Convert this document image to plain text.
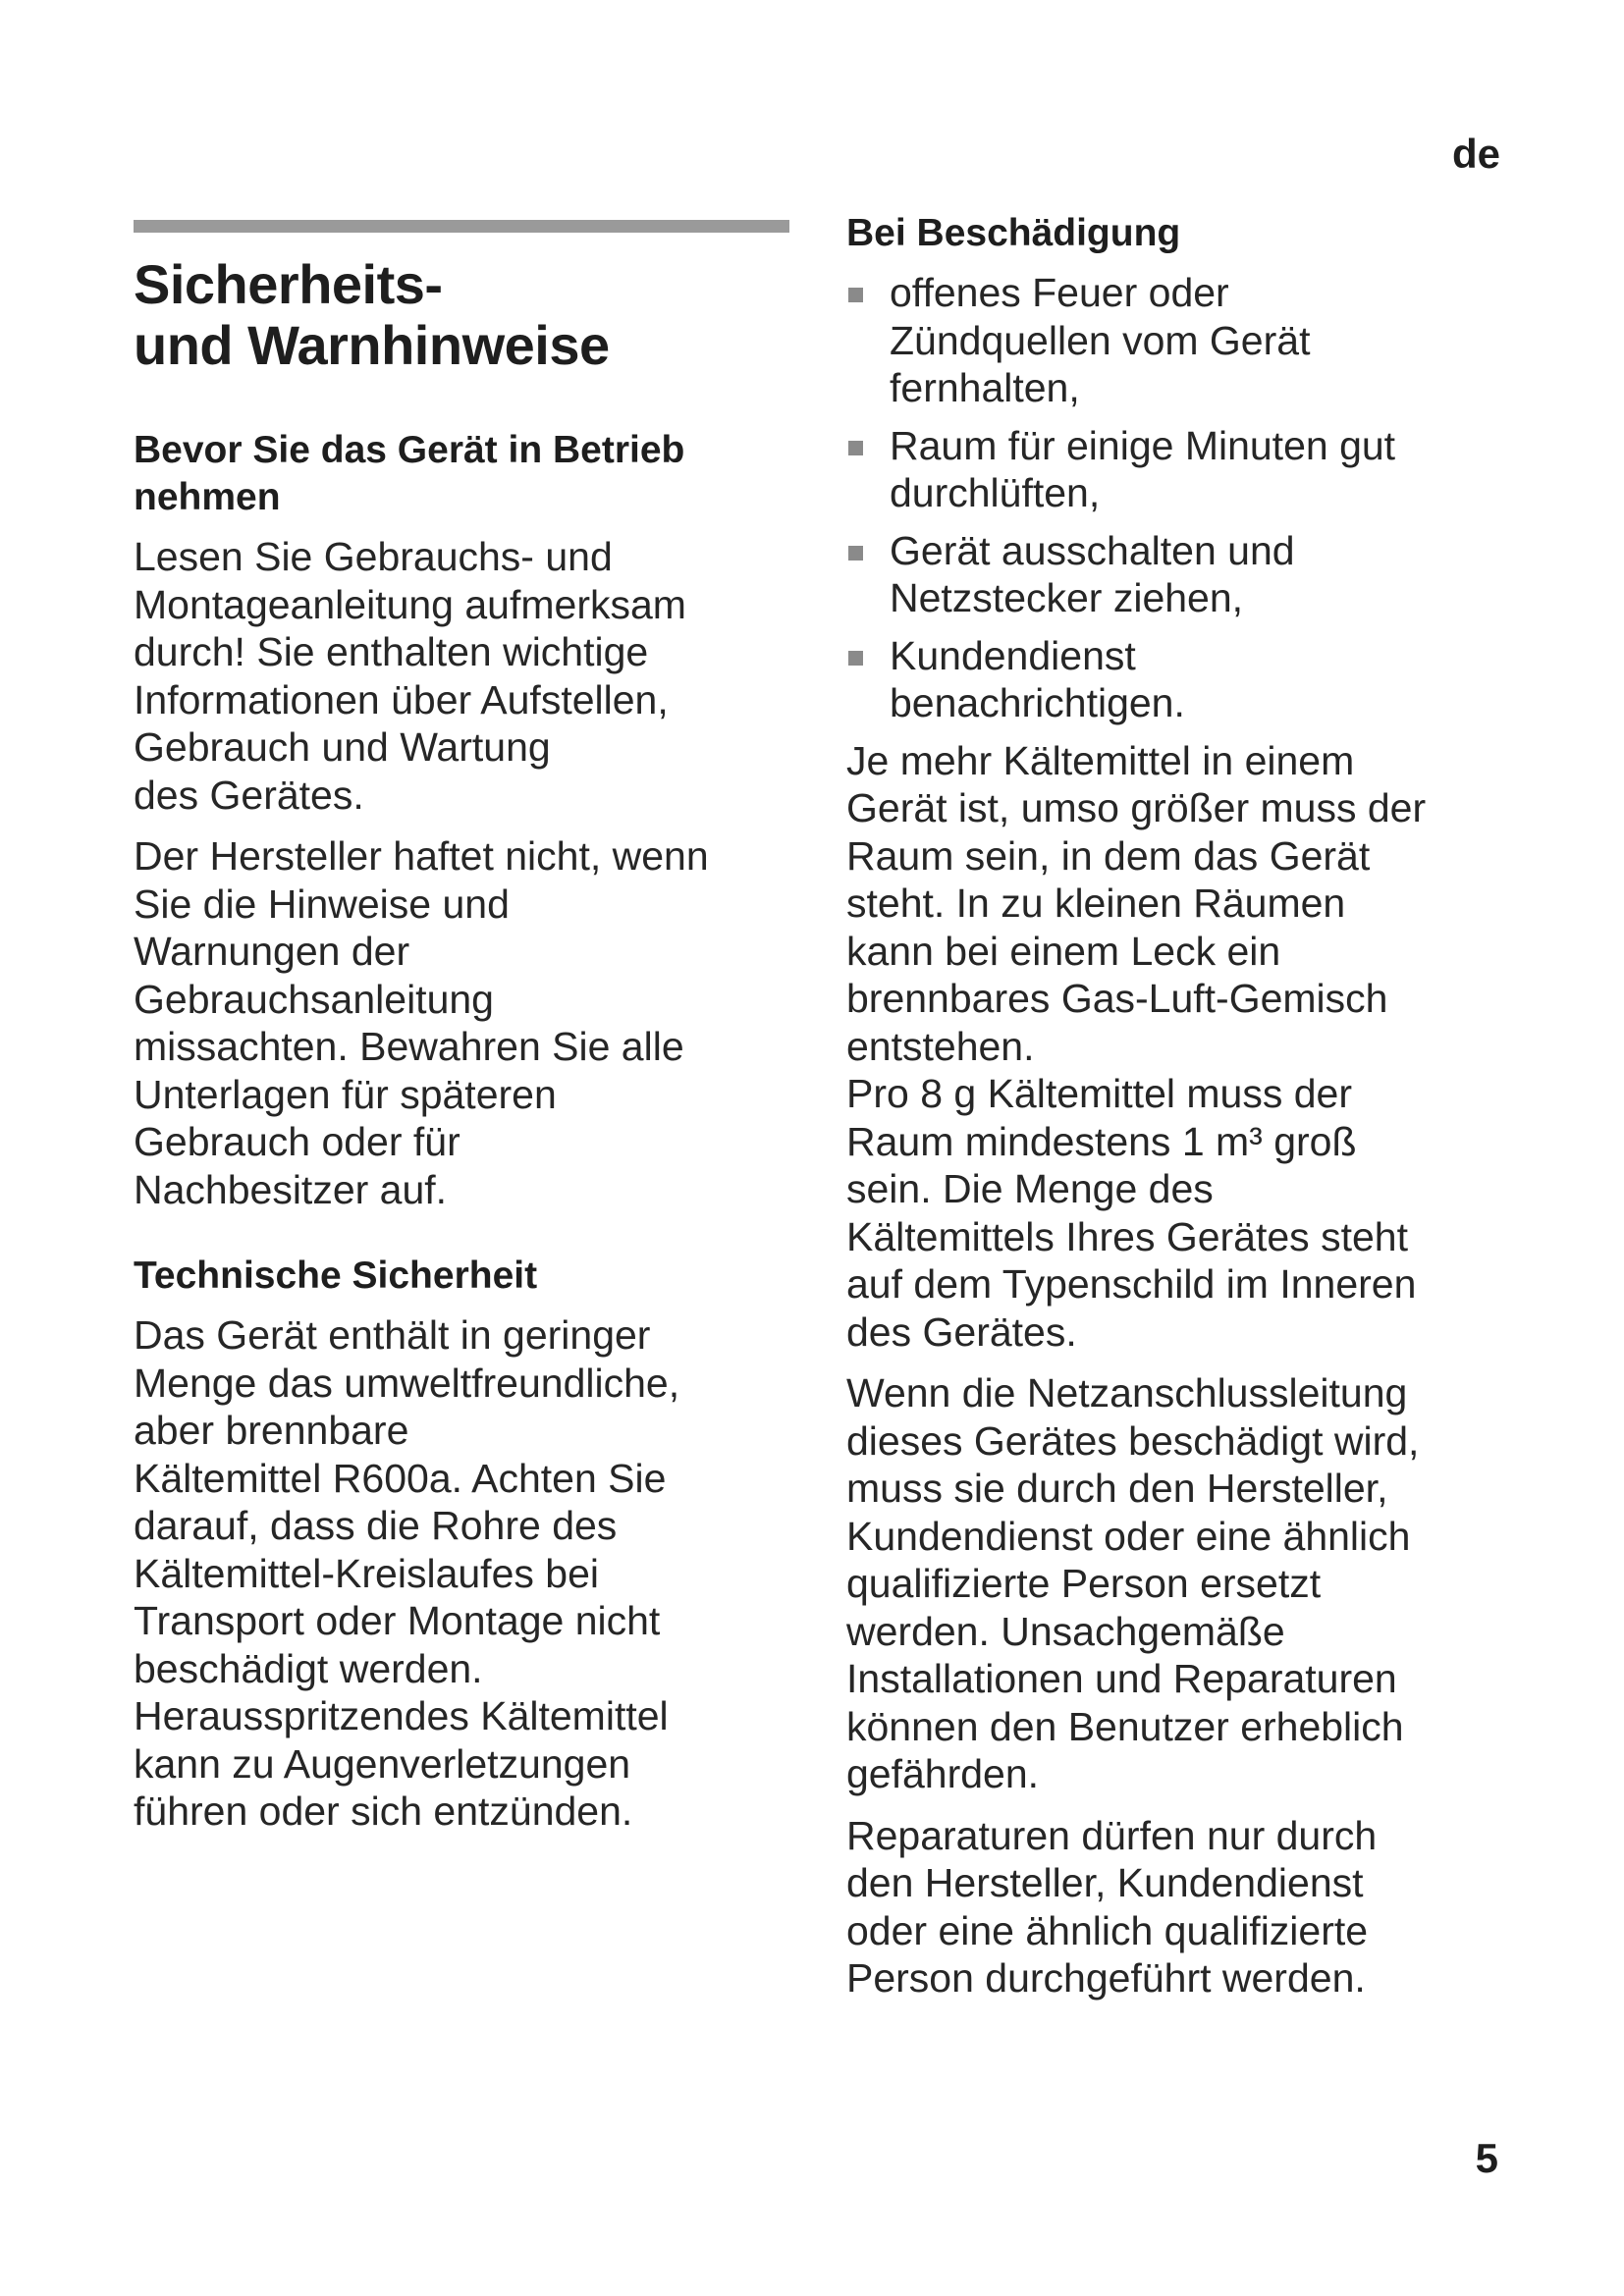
de
Sicherheits-
und Warnhinweise
Bevor Sie das Gerät in Betrieb
nehmen

Lesen Sie Gebrauchs- und
Montageanleitung aufmerksam
durch! Sie enthalten wichtige
Informationen über Aufstellen,
Gebrauch und Wartung
des Gerätes.

Der Hersteller haftet nicht, wenn
Sie die Hinweise und
Warnungen der
Gebrauchsanleitung
missachten. Bewahren Sie alle
Unterlagen für späteren
Gebrauch oder für
Nachbesitzer auf.

Technische Sicherheit

Das Gerät enthält in geringer
Menge das umweltfreundliche,
aber brennbare
Kältemittel R600a. Achten Sie
darauf, dass die Rohre des
Kältemittel-Kreislaufes bei
Transport oder Montage nicht
beschädigt werden.
Herausspritzendes Kältemittel
kann zu Augenverletzungen
führen oder sich entzünden.

Bei Beschädigung
offenes Feuer oder
Zündquellen vom Gerät
fernhalten,
Raum für einige Minuten gut
durchlüften,
Gerät ausschalten und
Netzstecker ziehen,
Kundendienst
benachrichtigen.

Je mehr Kältemittel in einem
Gerät ist, umso größer muss der
Raum sein, in dem das Gerät
steht. In zu kleinen Räumen
kann bei einem Leck ein
brennbares Gas-Luft-Gemisch
entstehen.
Pro 8 g Kältemittel muss der
Raum mindestens 1 m³ groß
sein. Die Menge des
Kältemittels Ihres Gerätes steht
auf dem Typenschild im Inneren
des Gerätes.

Wenn die Netzanschlussleitung
dieses Gerätes beschädigt wird,
muss sie durch den Hersteller,
Kundendienst oder eine ähnlich
qualifizierte Person ersetzt
werden. Unsachgemäße
Installationen und Reparaturen
können den Benutzer erheblich
gefährden.

Reparaturen dürfen nur durch
den Hersteller, Kundendienst
oder eine ähnlich qualifizierte
Person durchgeführt werden.

5
